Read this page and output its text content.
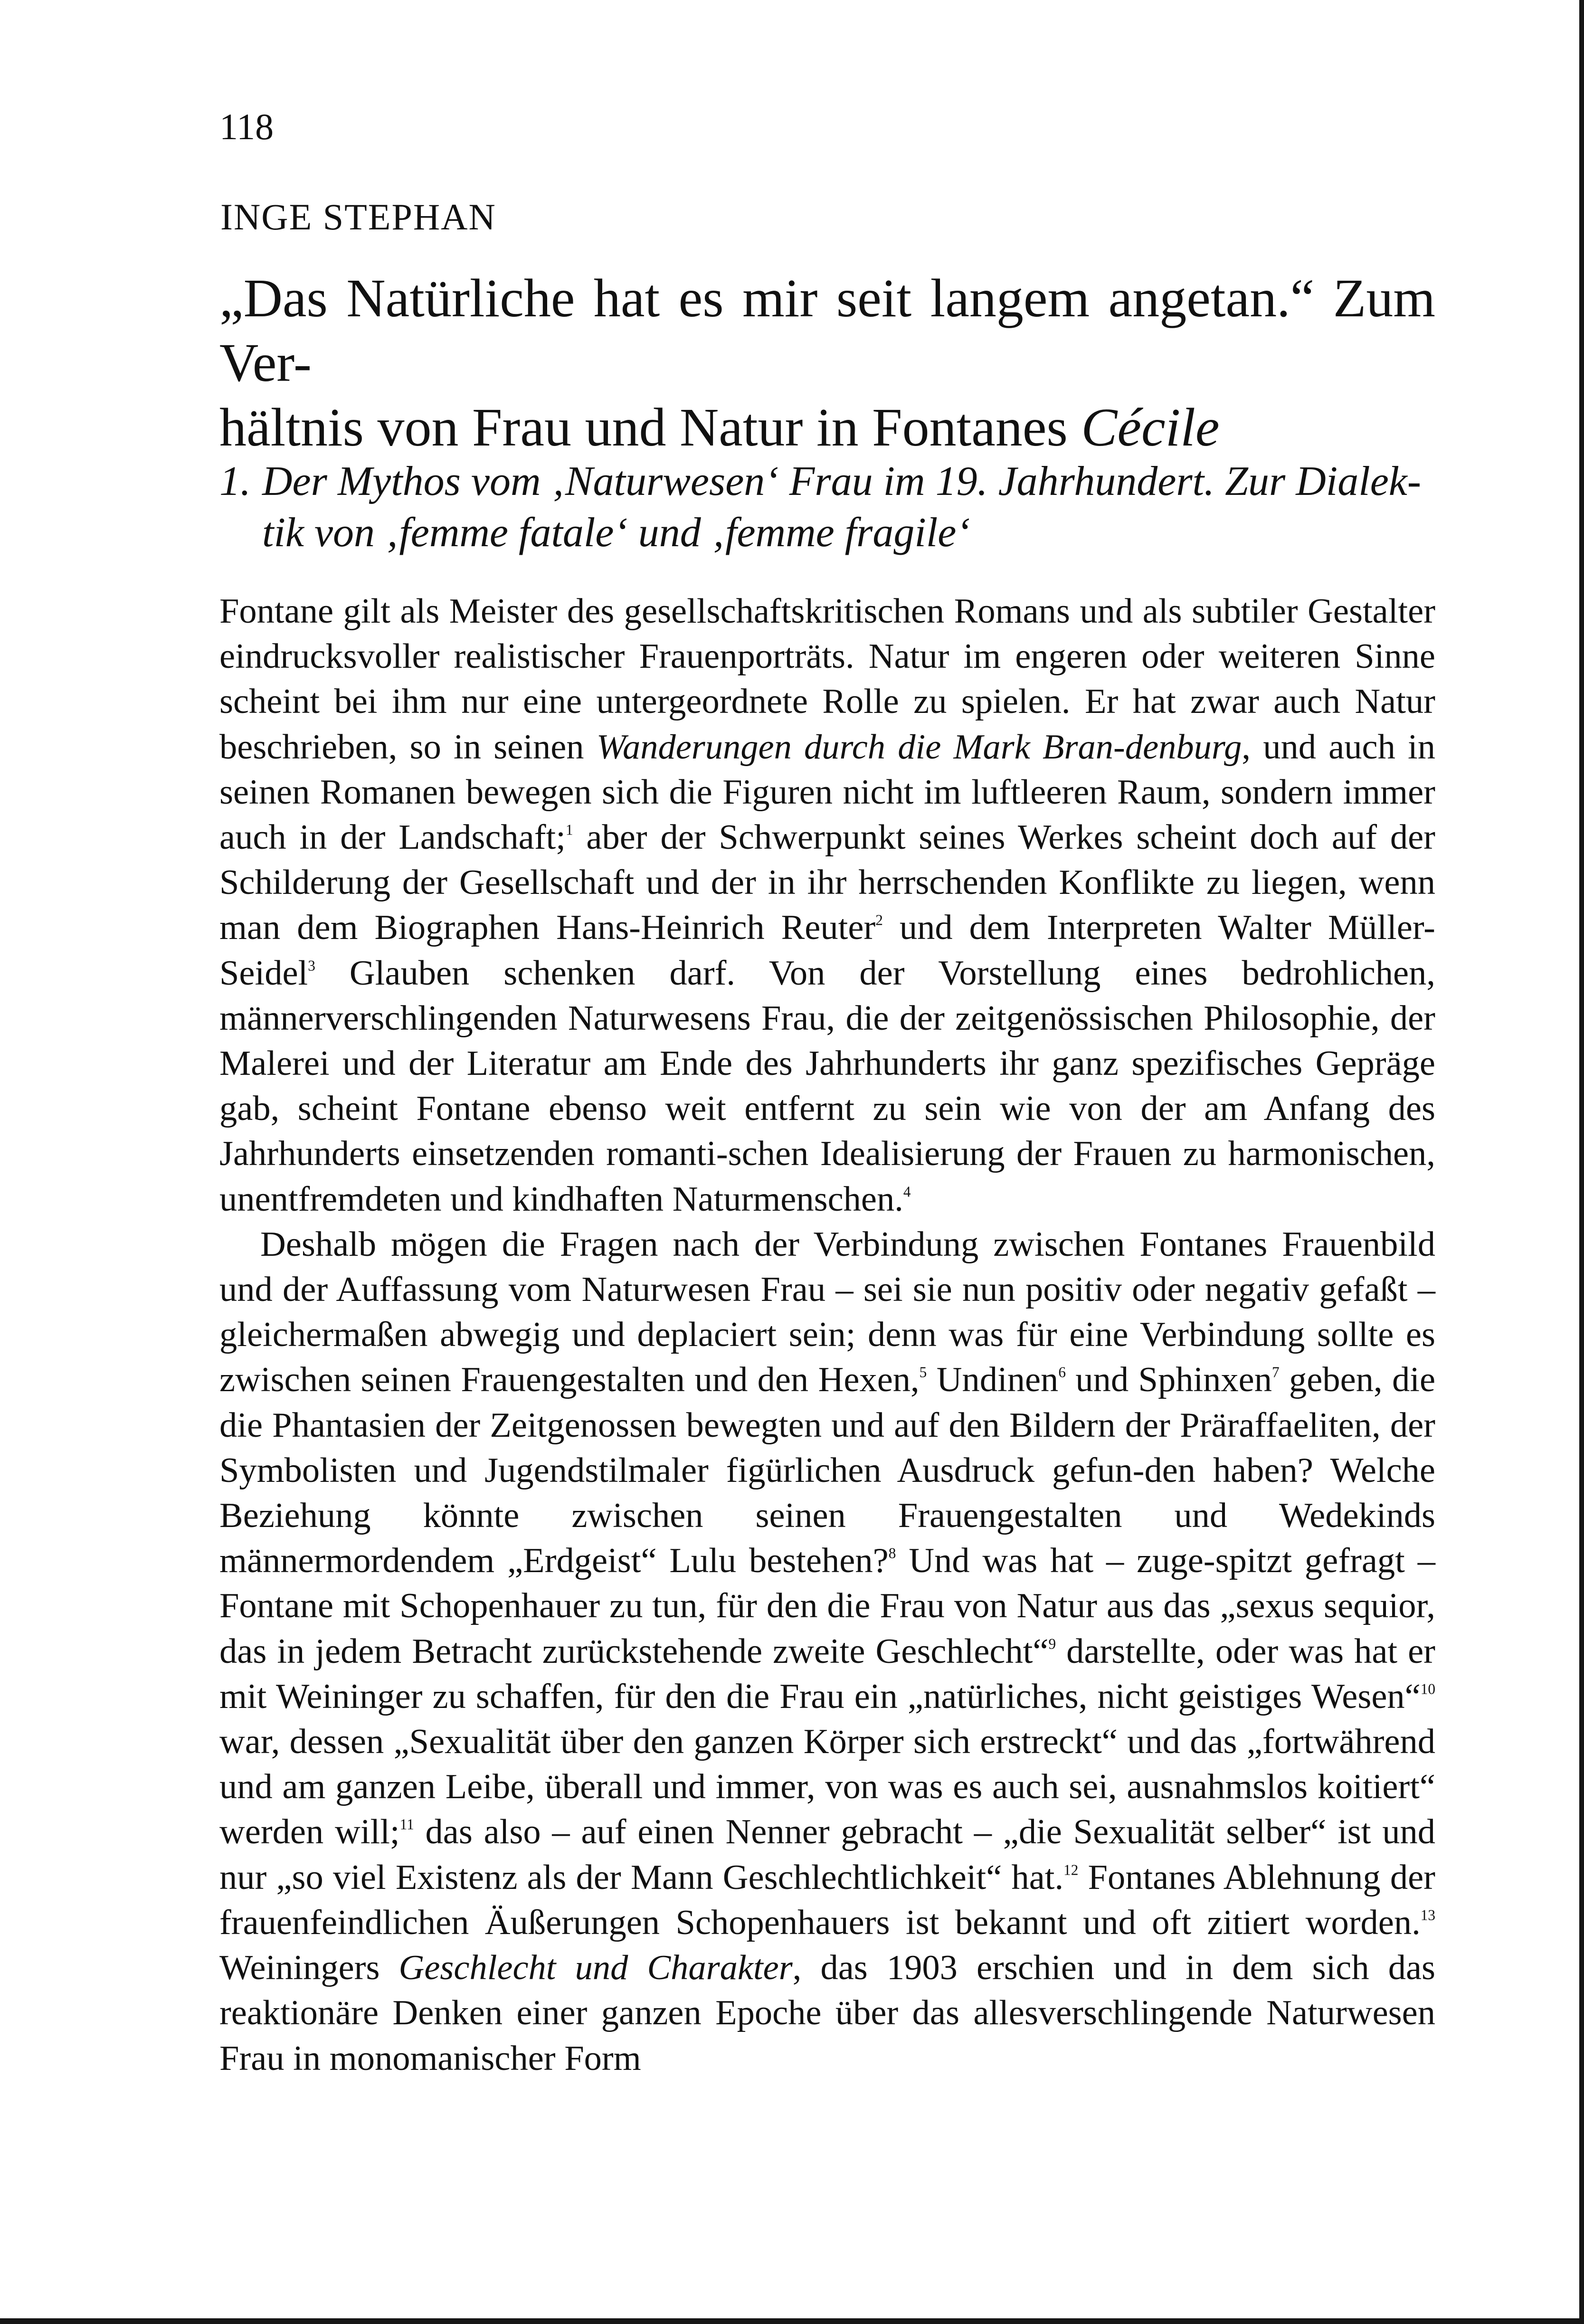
118
INGE STEPHAN
„Das Natürliche hat es mir seit langem angetan.“ Zum Ver-
hältnis von Frau und Natur in Fontanes Cécile
1. Der Mythos vom ‚Naturwesen‘ Frau im 19. Jahrhundert. Zur Dialek-
tik von ‚femme fatale‘ und ‚femme fragile‘

Fontane gilt als Meister des gesellschaftskritischen Romans und als subtiler Gestalter eindrucksvoller realistischer Frauenporträts. Natur im engeren oder weiteren Sinne scheint bei ihm nur eine untergeordnete Rolle zu spielen. Er hat zwar auch Natur beschrieben, so in seinen Wanderungen durch die Mark Bran-denburg, und auch in seinen Romanen bewegen sich die Figuren nicht im luftleeren Raum, sondern immer auch in der Landschaft;$^1$ aber der Schwerpunkt seines Werkes scheint doch auf der Schilderung der Gesellschaft und der in ihr herrschenden Konflikte zu liegen, wenn man dem Biographen Hans-Heinrich Reuter$^2$ und dem Interpreten Walter Müller-Seidel$^3$ Glauben schenken darf. Von der Vorstellung eines bedrohlichen, männerverschlingenden Naturwesens Frau, die der zeitgenössischen Philosophie, der Malerei und der Literatur am Ende des Jahrhunderts ihr ganz spezifisches Gepräge gab, scheint Fontane ebenso weit entfernt zu sein wie von der am Anfang des Jahrhunderts einsetzenden romanti-schen Idealisierung der Frauen zu harmonischen, unentfremdeten und kindhaften Naturmenschen.$^4$

Deshalb mögen die Fragen nach der Verbindung zwischen Fontanes Frauenbild und der Auffassung vom Naturwesen Frau – sei sie nun positiv oder negativ gefaßt – gleichermaßen abwegig und deplaciert sein; denn was für eine Verbindung sollte es zwischen seinen Frauengestalten und den Hexen,$^5$ Undinen$^6$ und Sphinxen$^7$ geben, die die Phantasien der Zeitgenossen bewegten und auf den Bildern der Präraffaeliten, der Symbolisten und Jugendstilmaler figürlichen Ausdruck gefun-den haben? Welche Beziehung könnte zwischen seinen Frauengestalten und Wedekinds männermordendem „Erdgeist“ Lulu bestehen?$^8$ Und was hat – zuge-spitzt gefragt – Fontane mit Schopenhauer zu tun, für den die Frau von Natur aus das „sexus sequior, das in jedem Betracht zurückstehende zweite Geschlecht“$^9$ darstellte, oder was hat er mit Weininger zu schaffen, für den die Frau ein „natürliches, nicht geistiges Wesen“$^{10}$ war, dessen „Sexualität über den ganzen Körper sich erstreckt“ und das „fortwährend und am ganzen Leibe, überall und immer, von was es auch sei, ausnahmslos koitiert“ werden will;$^{11}$ das also – auf einen Nenner gebracht – „die Sexualität selber“ ist und nur „so viel Existenz als der Mann Geschlechtlichkeit“ hat.$^{12}$ Fontanes Ablehnung der frauenfeindlichen Äußerungen Schopenhauers ist bekannt und oft zitiert worden.$^{13}$ Weiningers Geschlecht und Charakter, das 1903 erschien und in dem sich das reaktionäre Denken einer ganzen Epoche über das allesverschlingende Naturwesen Frau in monomanischer Form
